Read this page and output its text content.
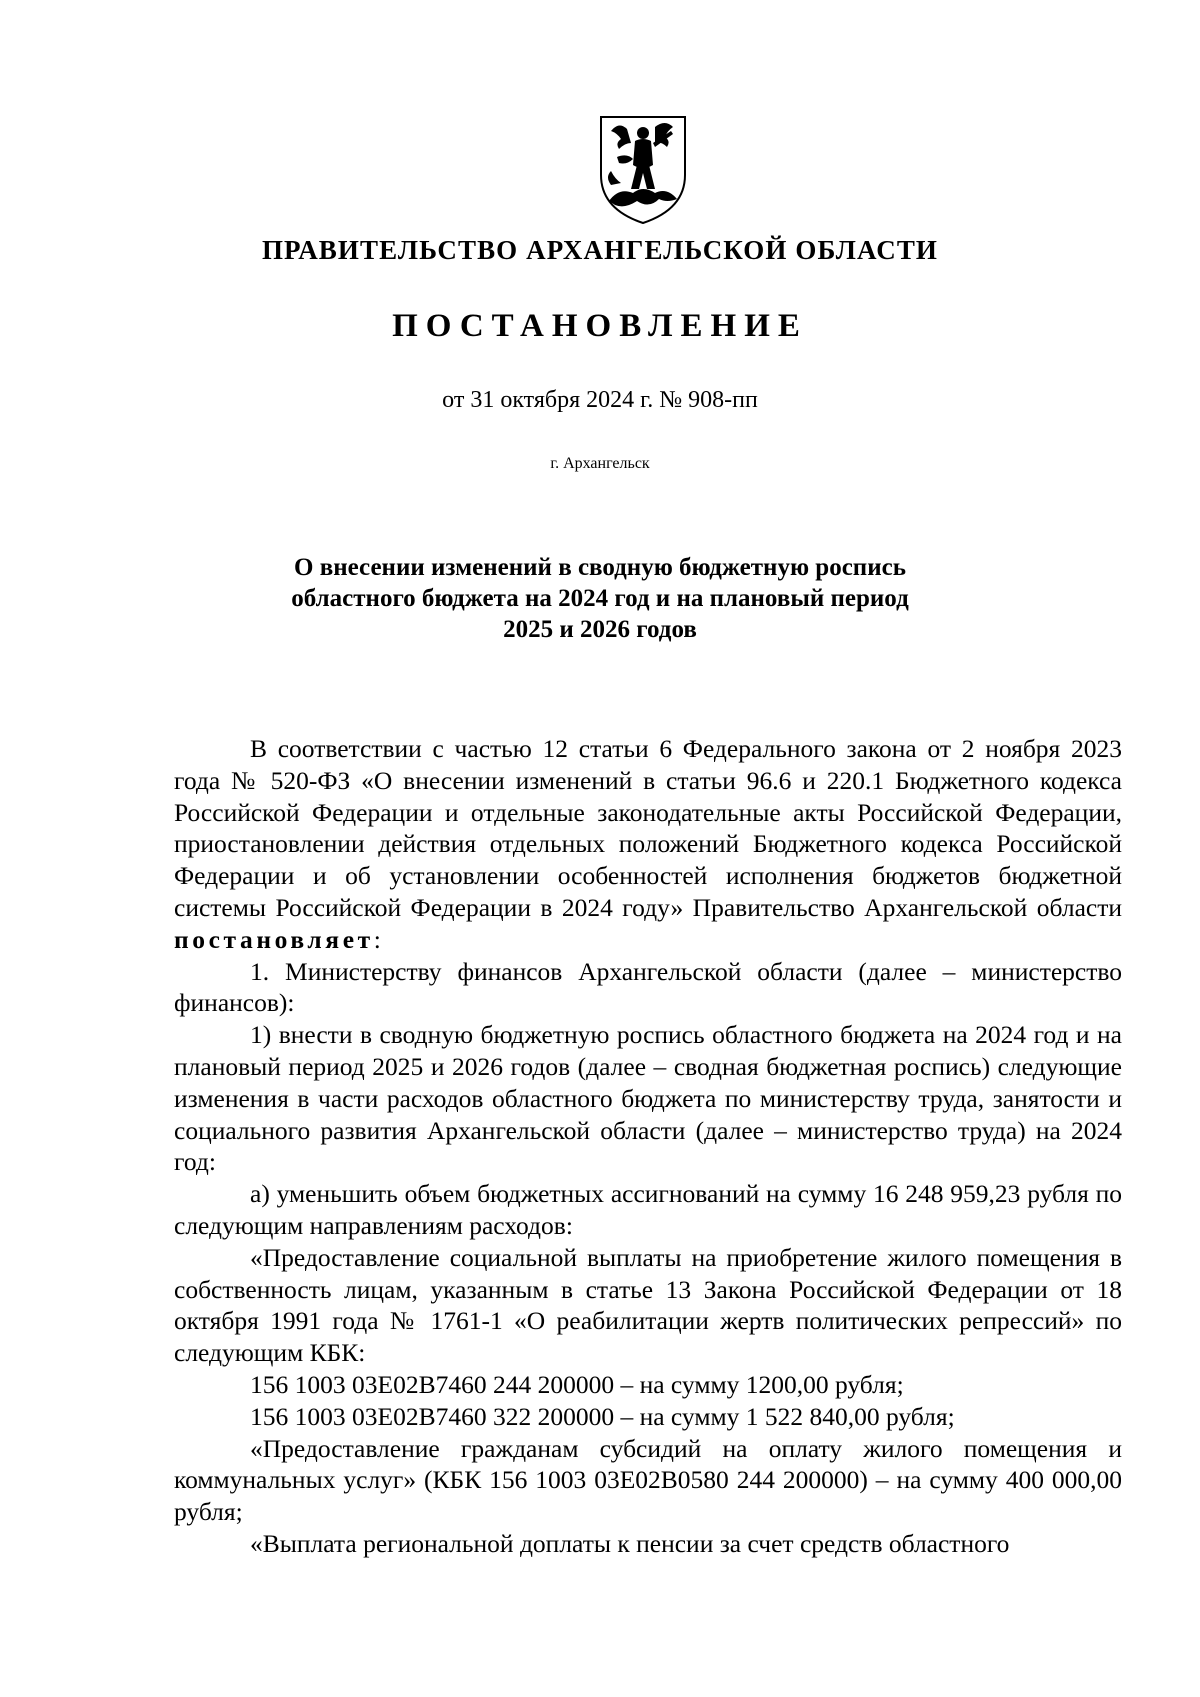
ПРАВИТЕЛЬСТВО АРХАНГЕЛЬСКОЙ ОБЛАСТИ
ПОСТАНОВЛЕНИЕ
от 31 октября 2024 г. № 908-пп
г. Архангельск
О внесении изменений в сводную бюджетную роспись
областного бюджета на 2024 год и на плановый период
2025 и 2026 годов

В соответствии с частью 12 статьи 6 Федерального закона от 2 ноября 2023 года № 520-ФЗ «О внесении изменений в статьи 96.6 и 220.1 Бюджетного кодекса Российской Федерации и отдельные законодательные акты Российской Федерации, приостановлении действия отдельных положений Бюджетного кодекса Российской Федерации и об установлении особенностей исполнения бюджетов бюджетной системы Российской Федерации в 2024 году» Правительство Архангельской области постановляет:

1. Министерству финансов Архангельской области (далее – министерство финансов):

1) внести в сводную бюджетную роспись областного бюджета на 2024 год и на плановый период 2025 и 2026 годов (далее – сводная бюджетная роспись) следующие изменения в части расходов областного бюджета по министерству труда, занятости и социального развития Архангельской области (далее – министерство труда) на 2024 год:

а) уменьшить объем бюджетных ассигнований на сумму 16 248 959,23 рубля по следующим направлениям расходов:

«Предоставление социальной выплаты на приобретение жилого помещения в собственность лицам, указанным в статье 13 Закона Российской Федерации от 18 октября 1991 года № 1761-1 «О реабилитации жертв политических репрессий» по следующим КБК:

156 1003 03Е02В7460 244 200000 – на сумму 1200,00 рубля;

156 1003 03Е02В7460 322 200000 – на сумму 1 522 840,00 рубля;

«Предоставление гражданам субсидий на оплату жилого помещения и коммунальных услуг» (КБК 156 1003 03Е02В0580 244 200000) – на сумму 400 000,00 рубля;

«Выплата региональной доплаты к пенсии за счет средств областного
